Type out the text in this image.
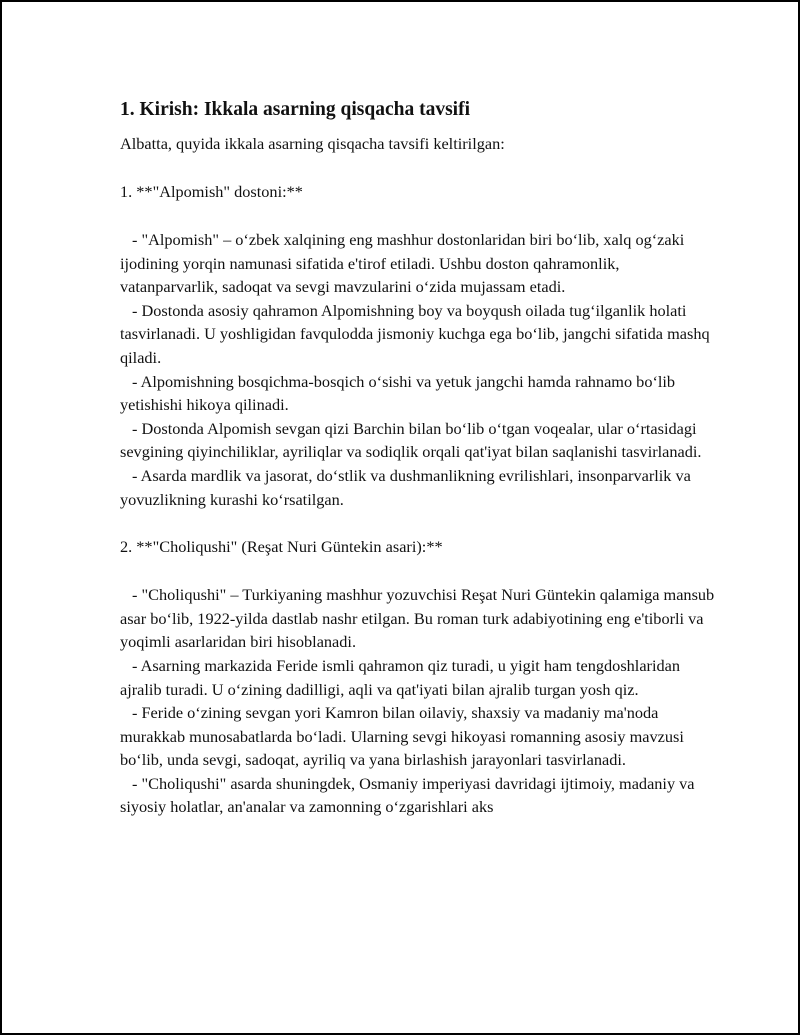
1. Kirish: Ikkala asarning qisqacha tavsifi
Albatta, quyida ikkala asarning qisqacha tavsifi keltirilgan:
1. **"Alpomish" dostoni:**

- "Alpomish" – o‘zbek xalqining eng mashhur dostonlaridan biri bo‘lib, xalq og‘zaki ijodining yorqin namunasi sifatida e'tirof etiladi. Ushbu doston qahramonlik, vatanparvarlik, sadoqat va sevgi mavzularini o‘zida mujassam etadi.

- Dostonda asosiy qahramon Alpomishning boy va boyqush oilada tug‘ilganlik holati tasvirlanadi. U yoshligidan favqulodda jismoniy kuchga ega bo‘lib, jangchi sifatida mashq qiladi.

- Alpomishning bosqichma-bosqich o‘sishi va yetuk jangchi hamda rahnamo bo‘lib yetishishi hikoya qilinadi.

- Dostonda Alpomish sevgan qizi Barchin bilan bo‘lib o‘tgan voqealar, ular o‘rtasidagi sevgining qiyinchiliklar, ayriliqlar va sodiqlik orqali qat'iyat bilan saqlanishi tasvirlanadi.

- Asarda mardlik va jasorat, do‘stlik va dushmanlikning evrilishlari, insonparvarlik va yovuzlikning kurashi ko‘rsatilgan.

2. **"Choliqushi" (Reşat Nuri Güntekin asari):**

- "Choliqushi" – Turkiyaning mashhur yozuvchisi Reşat Nuri Güntekin qalamiga mansub asar bo‘lib, 1922-yilda dastlab nashr etilgan. Bu roman turk adabiyotining eng e'tiborli va yoqimli asarlaridan biri hisoblanadi.

- Asarning markazida Feride ismli qahramon qiz turadi, u yigit ham tengdoshlaridan ajralib turadi. U o‘zining dadilligi, aqli va qat'iyati bilan ajralib turgan yosh qiz.

- Feride o‘zining sevgan yori Kamron bilan oilaviy, shaxsiy va madaniy ma'noda murakkab munosabatlarda bo‘ladi. Ularning sevgi hikoyasi romanning asosiy mavzusi bo‘lib, unda sevgi, sadoqat, ayriliq va yana birlashish jarayonlari tasvirlanadi.

- "Choliqushi" asarda shuningdek, Osmaniy imperiyasi davridagi ijtimoiy, madaniy va siyosiy holatlar, an'analar va zamonning o‘zgarishlari aks
